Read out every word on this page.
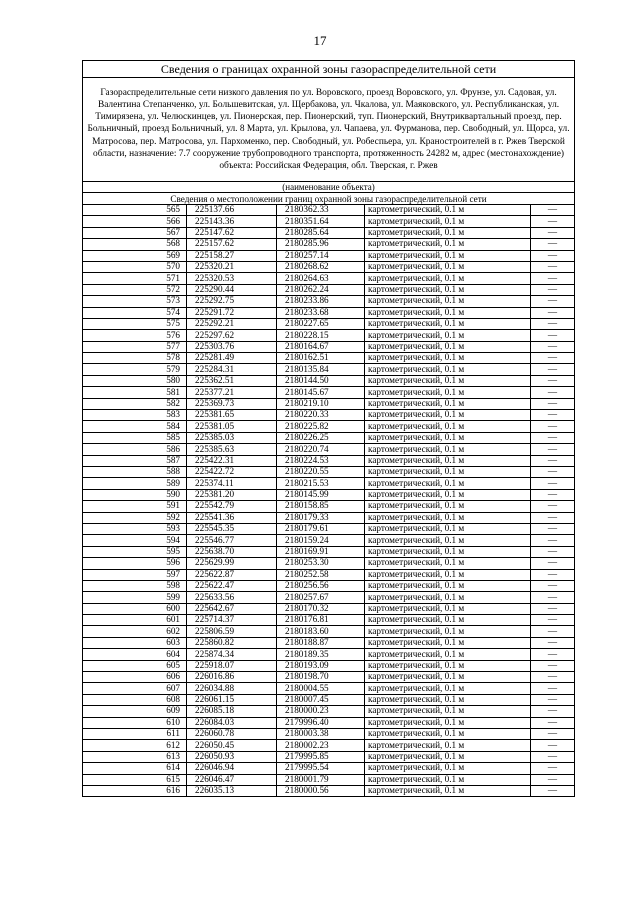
17
Сведения о границах охранной зоны газораспределительной сети				
Газораспределительные сети низкого давления по ул. Воровского, проезд Воровского, ул. Фрунзе, ул. Садовая, ул. Валентина Степанченко, ул. Большевитская, ул. Щербакова, ул. Чкалова, ул. Маяковского, ул. Республиканская, ул. Тимирязена, ул. Челюскинцев, ул. Пионерская, пер. Пионерский, туп. Пионерский, Внутриквартальный проезд, пер. Больничный, проезд Больничный, ул. 8 Марта, ул. Крылова, ул. Чапаева, ул. Фурманова, пер. Свободный, ул. Щорса, ул. Матросова, пер. Матросова, ул. Пархоменко, пер. Свободный, ул. Робеспьера, ул. Краностроителей в г. Ржев Тверской области, назначение: 7.7 сооружение трубопроводного транспорта, протяженность 24282 м, адрес (местонахождение) объекта: Российская Федерация, обл. Тверская, г. Ржев				
(наименование объекта)				
Сведения о местоположении границ охранной зоны газораспределительной сети				
565	225137.66	2180362.33	картометрический, 0.1 м	—
566	225143.36	2180351.64	картометрический, 0.1 м	—
567	225147.62	2180285.64	картометрический, 0.1 м	—
568	225157.62	2180285.96	картометрический, 0.1 м	—
569	225158.27	2180257.14	картометрический, 0.1 м	—
570	225320.21	2180268.62	картометрический, 0.1 м	—
571	225320.53	2180264.63	картометрический, 0.1 м	—
572	225290.44	2180262.24	картометрический, 0.1 м	—
573	225292.75	2180233.86	картометрический, 0.1 м	—
574	225291.72	2180233.68	картометрический, 0.1 м	—
575	225292.21	2180227.65	картометрический, 0.1 м	—
576	225297.62	2180228.15	картометрический, 0.1 м	—
577	225303.76	2180164.67	картометрический, 0.1 м	—
578	225281.49	2180162.51	картометрический, 0.1 м	—
579	225284.31	2180135.84	картометрический, 0.1 м	—
580	225362.51	2180144.50	картометрический, 0.1 м	—
581	225377.21	2180145.67	картометрический, 0.1 м	—
582	225369.73	2180219.10	картометрический, 0.1 м	—
583	225381.65	2180220.33	картометрический, 0.1 м	—
584	225381.05	2180225.82	картометрический, 0.1 м	—
585	225385.03	2180226.25	картометрический, 0.1 м	—
586	225385.63	2180220.74	картометрический, 0.1 м	—
587	225422.31	2180224.53	картометрический, 0.1 м	—
588	225422.72	2180220.55	картометрический, 0.1 м	—
589	225374.11	2180215.53	картометрический, 0.1 м	—
590	225381.20	2180145.99	картометрический, 0.1 м	—
591	225542.79	2180158.85	картометрический, 0.1 м	—
592	225541.36	2180179.33	картометрический, 0.1 м	—
593	225545.35	2180179.61	картометрический, 0.1 м	—
594	225546.77	2180159.24	картометрический, 0.1 м	—
595	225638.70	2180169.91	картометрический, 0.1 м	—
596	225629.99	2180253.30	картометрический, 0.1 м	—
597	225622.87	2180252.58	картометрический, 0.1 м	—
598	225622.47	2180256.56	картометрический, 0.1 м	—
599	225633.56	2180257.67	картометрический, 0.1 м	—
600	225642.67	2180170.32	картометрический, 0.1 м	—
601	225714.37	2180176.81	картометрический, 0.1 м	—
602	225806.59	2180183.60	картометрический, 0.1 м	—
603	225860.82	2180188.87	картометрический, 0.1 м	—
604	225874.34	2180189.35	картометрический, 0.1 м	—
605	225918.07	2180193.09	картометрический, 0.1 м	—
606	226016.86	2180198.70	картометрический, 0.1 м	—
607	226034.88	2180004.55	картометрический, 0.1 м	—
608	226061.15	2180007.45	картометрический, 0.1 м	—
609	226085.18	2180000.23	картометрический, 0.1 м	—
610	226084.03	2179996.40	картометрический, 0.1 м	—
611	226060.78	2180003.38	картометрический, 0.1 м	—
612	226050.45	2180002.23	картометрический, 0.1 м	—
613	226050.93	2179995.85	картометрический, 0.1 м	—
614	226046.94	2179995.54	картометрический, 0.1 м	—
615	226046.47	2180001.79	картометрический, 0.1 м	—
616	226035.13	2180000.56	картометрический, 0.1 м	—
